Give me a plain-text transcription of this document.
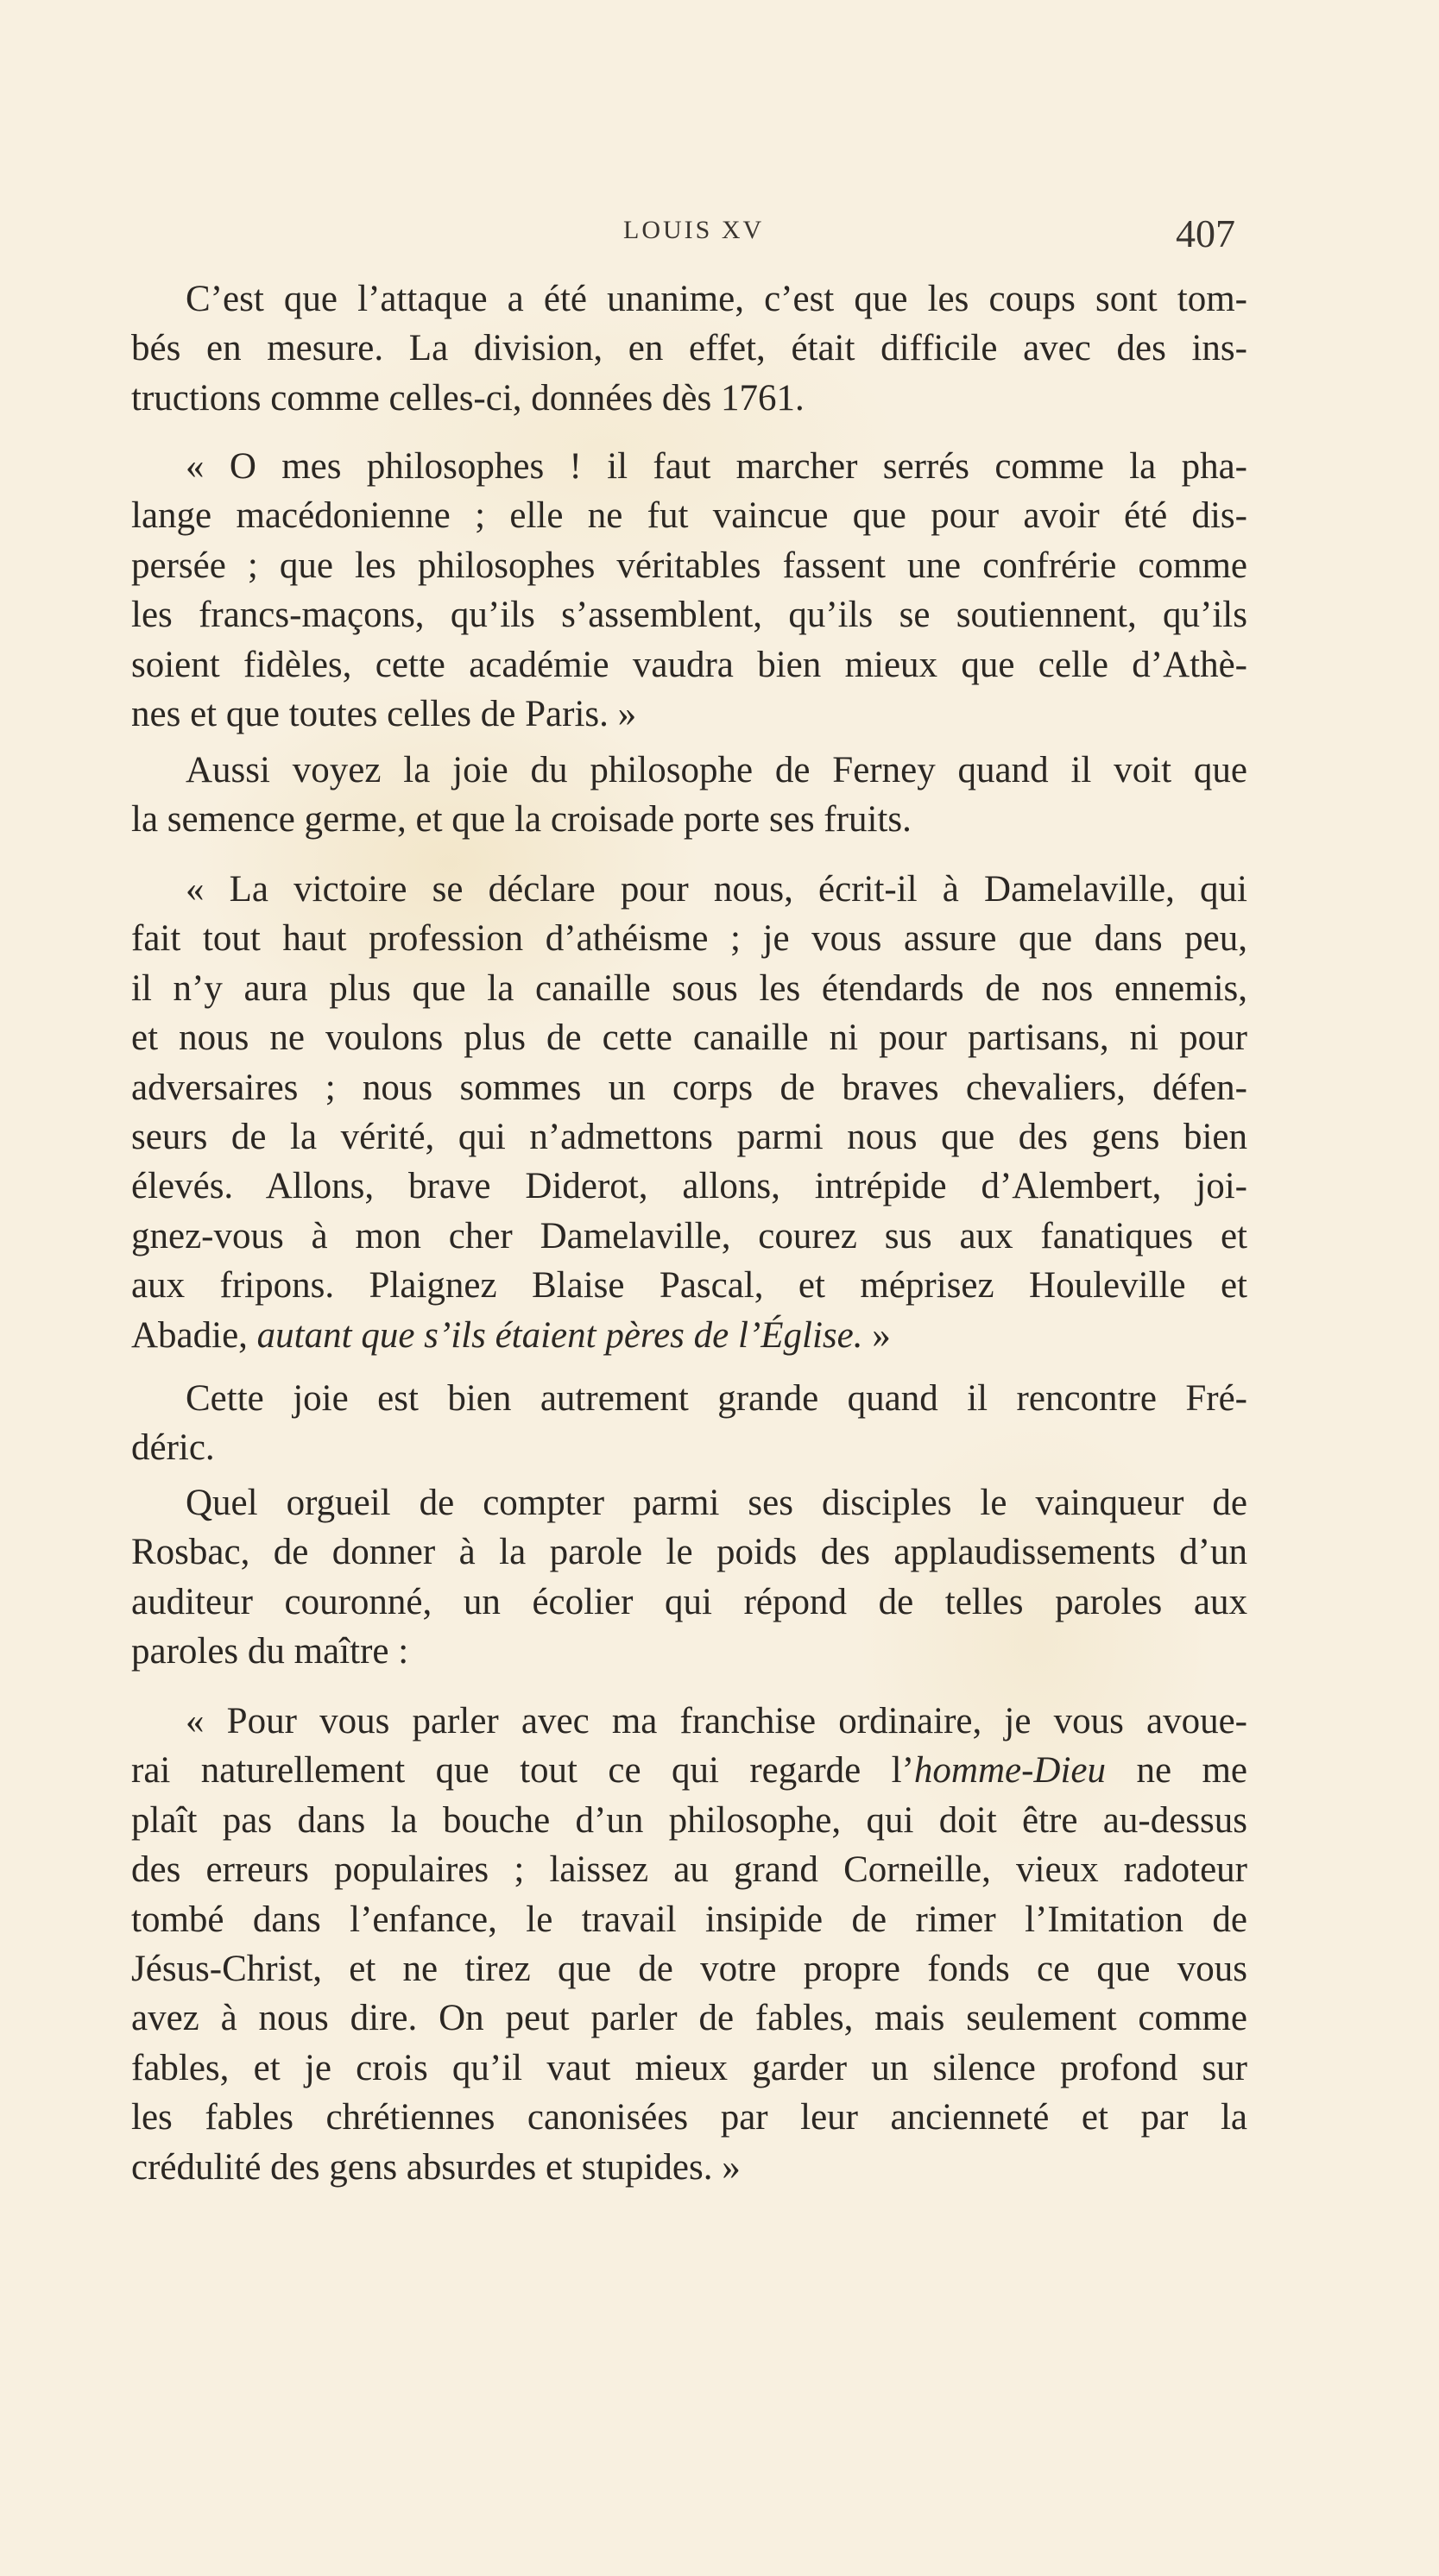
LOUIS XV	407
C’est que l’attaque a été unanime, c’est que les coups sont tom-
bés en mesure. La division, en effet, était difficile avec des ins-
tructions comme celles-ci, données dès 1761.
« O mes philosophes ! il faut marcher serrés comme la pha-
lange macédonienne ; elle ne fut vaincue que pour avoir été dis-
persée ; que les philosophes véritables fassent une confrérie comme
les francs-maçons, qu’ils s’assemblent, qu’ils se soutiennent, qu’ils
soient fidèles, cette académie vaudra bien mieux que celle d’Athè-
nes et que toutes celles de Paris. »
Aussi voyez la joie du philosophe de Ferney quand il voit que
la semence germe, et que la croisade porte ses fruits.
« La victoire se déclare pour nous, écrit-il à Damelaville, qui
fait tout haut profession d’athéisme ; je vous assure que dans peu,
il n’y aura plus que la canaille sous les étendards de nos ennemis,
et nous ne voulons plus de cette canaille ni pour partisans, ni pour
adversaires ; nous sommes un corps de braves chevaliers, défen-
seurs de la vérité, qui n’admettons parmi nous que des gens bien
élevés. Allons, brave Diderot, allons, intrépide d’Alembert, joi-
gnez-vous à mon cher Damelaville, courez sus aux fanatiques et
aux fripons. Plaignez Blaise Pascal, et méprisez Houleville et
Abadie, autant que s’ils étaient pères de l’Église. »
Cette joie est bien autrement grande quand il rencontre Fré-
déric.
Quel orgueil de compter parmi ses disciples le vainqueur de
Rosbac, de donner à la parole le poids des applaudissements d’un
auditeur couronné, un écolier qui répond de telles paroles aux
paroles du maître :
« Pour vous parler avec ma franchise ordinaire, je vous avoue-
rai naturellement que tout ce qui regarde l’homme-Dieu ne me
plaît pas dans la bouche d’un philosophe, qui doit être au-dessus
des erreurs populaires ; laissez au grand Corneille, vieux radoteur
tombé dans l’enfance, le travail insipide de rimer l’Imitation de
Jésus-Christ, et ne tirez que de votre propre fonds ce que vous
avez à nous dire. On peut parler de fables, mais seulement comme
fables, et je crois qu’il vaut mieux garder un silence profond sur
les fables chrétiennes canonisées par leur ancienneté et par la
crédulité des gens absurdes et stupides. »
